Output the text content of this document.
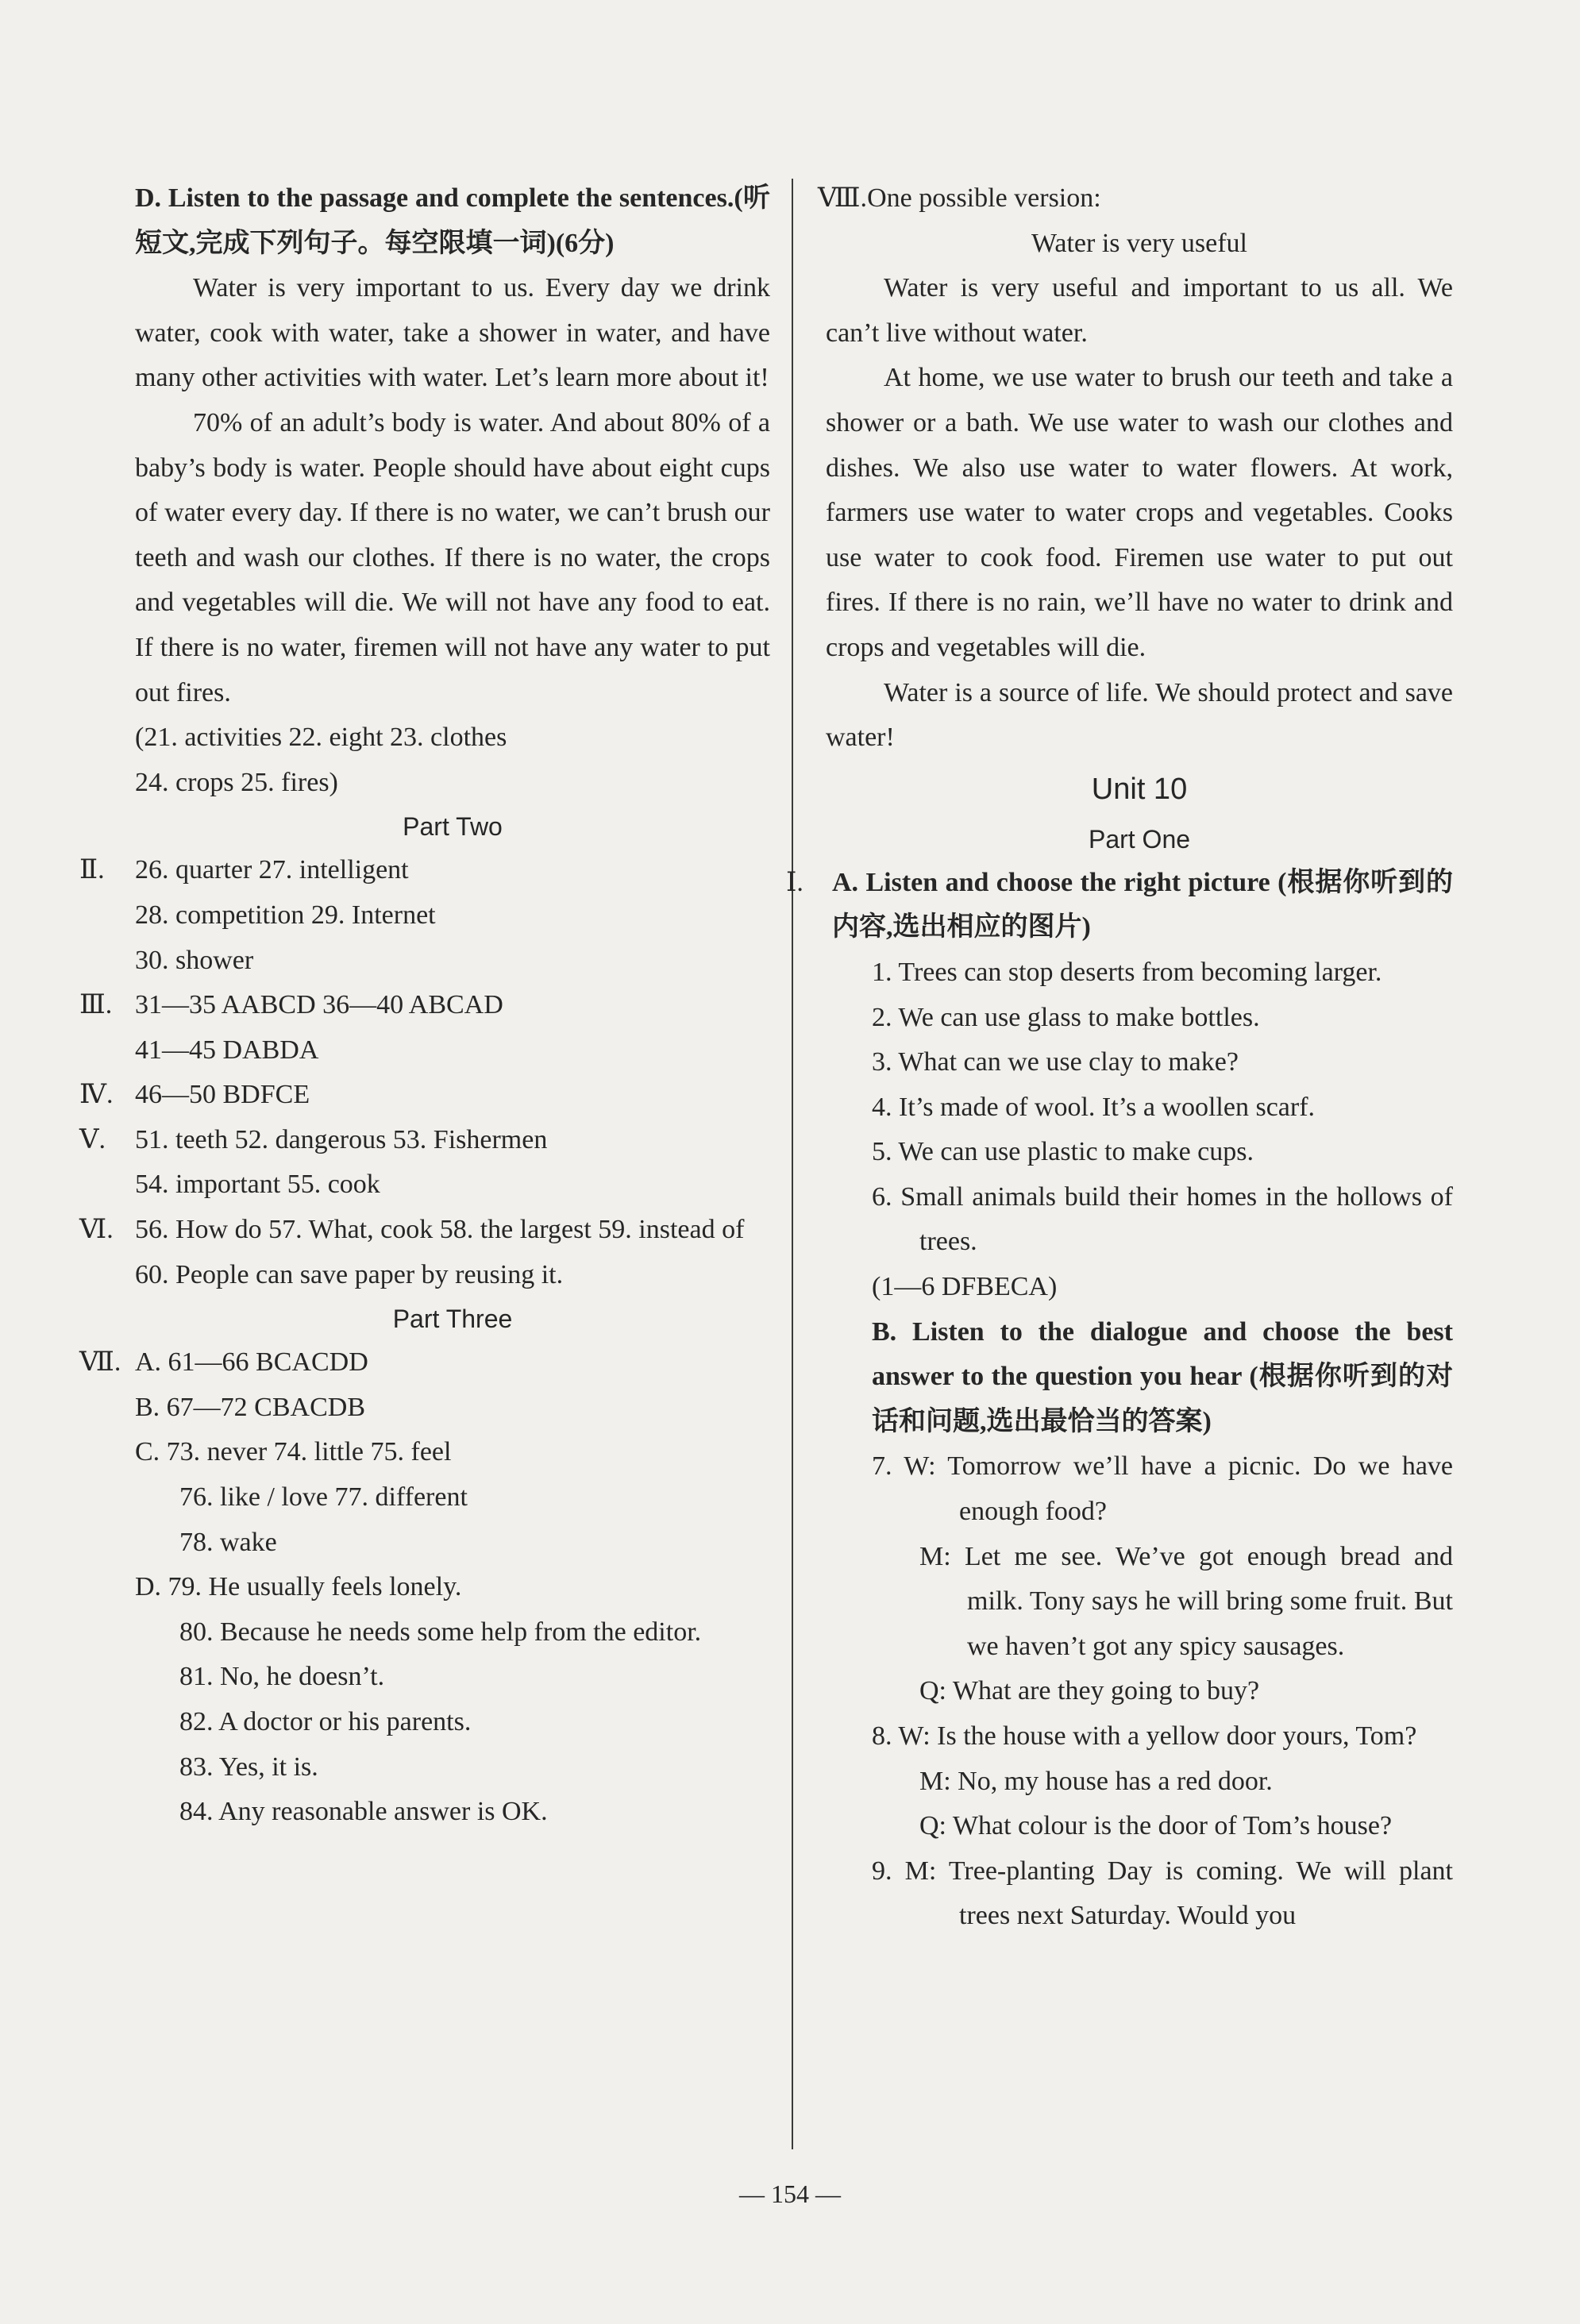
D. Listen to the passage and complete the sentences.(听短文,完成下列句子。每空限填一词)(6分)

Water is very important to us. Every day we drink water, cook with water, take a shower in water, and have many other activities with water. Let’s learn more about it!

70% of an adult’s body is water. And about 80% of a baby’s body is water. People should have about eight cups of water every day. If there is no water, we can’t brush our teeth and wash our clothes. If there is no water, the crops and vegetables will die. We will not have any food to eat. If there is no water, firemen will not have any water to put out fires.

(21. activities 22. eight 23. clothes
24. crops 25. fires)
Part Two
Ⅱ. 26. quarter 27. intelligent
28. competition 29. Internet
30. shower
Ⅲ. 31—35 AABCD 36—40 ABCAD
41—45 DABDA
Ⅳ. 46—50 BDFCE
Ⅴ. 51. teeth 52. dangerous 53. Fishermen
54. important 55. cook
Ⅵ. 56. How do 57. What, cook 58. the largest 59. instead of
60. People can save paper by reusing it.
Part Three
Ⅶ. A. 61—66 BCACDD
B. 67—72 CBACDB
C. 73. never 74. little 75. feel
76. like / love 77. different
78. wake
D. 79. He usually feels lonely.
80. Because he needs some help from the editor.
81. No, he doesn’t.
82. A doctor or his parents.
83. Yes, it is.
84. Any reasonable answer is OK.
Ⅷ.One possible version:
Water is very useful

Water is very useful and important to us all. We can’t live without water.

At home, we use water to brush our teeth and take a shower or a bath. We use water to wash our clothes and dishes. We also use water to water flowers. At work, farmers use water to water crops and vegetables. Cooks use water to cook food. Firemen use water to put out fires. If there is no rain, we’ll have no water to drink and crops and vegetables will die.

Water is a source of life. We should protect and save water!

Unit 10
Part One
Ⅰ.	A. Listen and choose the right picture (根据你听到的内容,选出相应的图片)
1. Trees can stop deserts from becoming larger.
2. We can use glass to make bottles.
3. What can we use clay to make?
4. It’s made of wool. It’s a woollen scarf.
5. We can use plastic to make cups.
6. Small animals build their homes in the hollows of trees.
(1—6 DFBECA)
B. Listen to the dialogue and choose the best answer to the question you hear (根据你听到的对话和问题,选出最恰当的答案)
7. W: Tomorrow we’ll have a picnic. Do we have enough food?
M: Let me see. We’ve got enough bread and milk. Tony says he will bring some fruit. But we haven’t got any spicy sausages.
Q: What are they going to buy?
8. W: Is the house with a yellow door yours, Tom?
M: No, my house has a red door.
Q: What colour is the door of Tom’s house?
9. M: Tree-planting Day is coming. We will plant trees next Saturday. Would you
— 154 —
